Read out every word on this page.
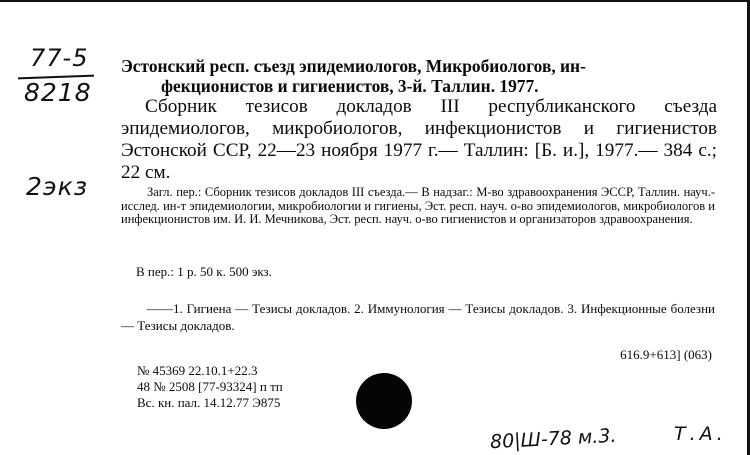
77-5
8218
2экз

Эстонский респ. съезд эпидемиологов, Микробиологов, ин-
фекционистов и гигиенистов, 3-й. Таллин. 1977.

Сборник тезисов докладов III республиканского съезда эпидемиологов, микробиологов, инфекционистов и гигиенистов Эстонской ССР, 22—23 ноября 1977 г.— Таллин: [Б. и.], 1977.— 384 с.; 22 см.

Загл. пер.: Сборник тезисов докладов III съезда.— В надзаг.: М-во здравоохранения ЭССР, Таллин. науч.-исслед. ин-т эпидемиологии, микробиологии и гигиены, Эст. респ. науч. о-во эпидемиологов, микробиологов и инфекционистов им. И. И. Мечникова, Эст. респ. науч. о-во гигиенистов и организаторов здравоохранения.

В пер.: 1 р. 50 к. 500 экз.

——1. Гигиена — Тезисы докладов. 2. Иммунология — Тезисы докладов. 3. Инфекционные болезни — Тезисы докладов.

616.9+613] (063)

№ 45369 22.10.1+22.3
48 № 2508 [77-93324] п тп
Вс. кн. пал. 14.12.77 Э875

80|Ш-78 м.3.	Т.А.
